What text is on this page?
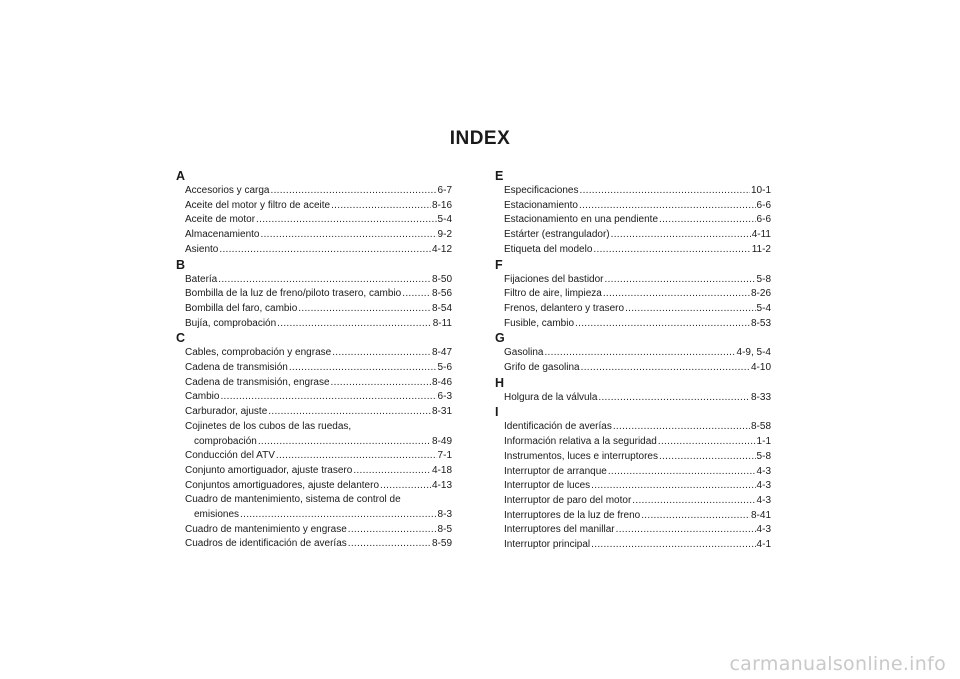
INDEX
A
Accesorios y carga .....	6-7
Aceite del motor y filtro de aceite .....	8-16
Aceite de motor .....	5-4
Almacenamiento .....	9-2
Asiento .....	4-12
B
Batería .....	8-50
Bombilla de la luz de freno/piloto trasero, cambio .....	8-56
Bombilla del faro, cambio .....	8-54
Bujía, comprobación .....	8-11
C
Cables, comprobación y engrase .....	8-47
Cadena de transmisión .....	5-6
Cadena de transmisión, engrase .....	8-46
Cambio .....	6-3
Carburador, ajuste .....	8-31
Cojinetes de los cubos de las ruedas,
comprobación .....	8-49
Conducción del ATV .....	7-1
Conjunto amortiguador, ajuste trasero .....	4-18
Conjuntos amortiguadores, ajuste delantero .....	4-13
Cuadro de mantenimiento, sistema de control de
emisiones .....	8-3
Cuadro de mantenimiento y engrase .....	8-5
Cuadros de identificación de averías .....	8-59
E
Especificaciones .....	10-1
Estacionamiento .....	6-6
Estacionamiento en una pendiente .....	6-6
Estárter (estrangulador) .....	4-11
Etiqueta del modelo .....	11-2
F
Fijaciones del bastidor .....	5-8
Filtro de aire, limpieza .....	8-26
Frenos, delantero y trasero .....	5-4
Fusible, cambio .....	8-53
G
Gasolina .....	4-9, 5-4
Grifo de gasolina .....	4-10
H
Holgura de la válvula .....	8-33
I
Identificación de averías .....	8-58
Información relativa a la seguridad .....	1-1
Instrumentos, luces e interruptores .....	5-8
Interruptor de arranque .....	4-3
Interruptor de luces .....	4-3
Interruptor de paro del motor .....	4-3
Interruptores de la luz de freno .....	8-41
Interruptores del manillar .....	4-3
Interruptor principal .....	4-1
carmanualsonline.info
